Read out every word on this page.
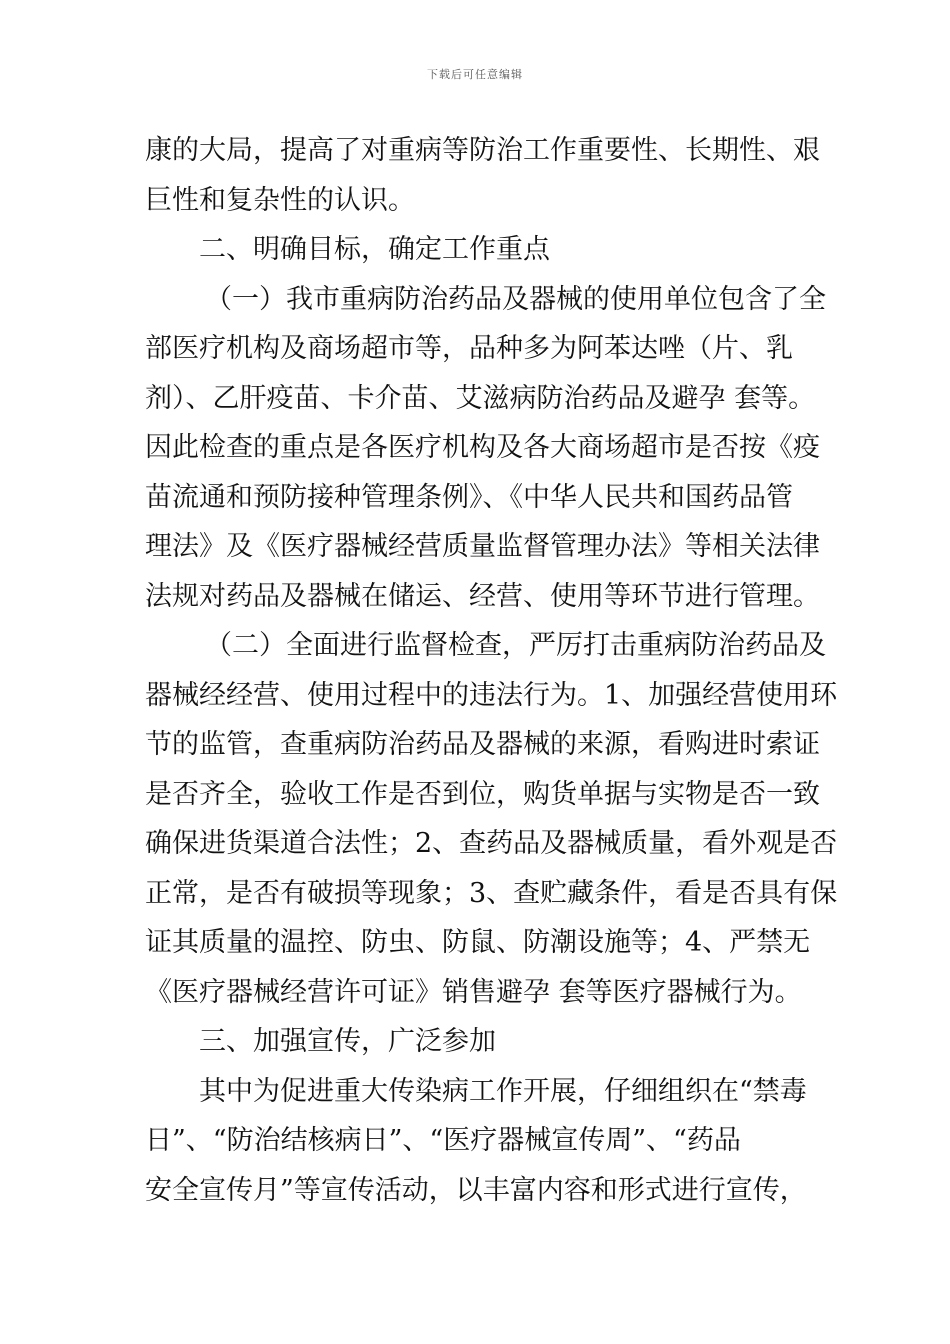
下载后可任意编辑
康的大局，提高了对重病等防治工作重要性、长期性、艰
巨性和复杂性的认识。
二、明确目标，确定工作重点
（一）我市重病防治药品及器械的使用单位包含了全
部医疗机构及商场超市等，品种多为阿苯达唑（片、乳
剂）、乙肝疫苗、卡介苗、艾滋病防治药品及避孕 套等。
因此检查的重点是各医疗机构及各大商场超市是否按《疫
苗流通和预防接种管理条例》、《中华人民共和国药品管
理法》及《医疗器械经营质量监督管理办法》等相关法律
法规对药品及器械在储运、经营、使用等环节进行管理。
（二）全面进行监督检查，严厉打击重病防治药品及
器械经经营、使用过程中的违法行为。1、加强经营使用环
节的监管，查重病防治药品及器械的来源，看购进时索证
是否齐全，验收工作是否到位，购货单据与实物是否一致
确保进货渠道合法性；2、查药品及器械质量，看外观是否
正常，是否有破损等现象；3、查贮藏条件，看是否具有保
证其质量的温控、防虫、防鼠、防潮设施等；4、严禁无
《医疗器械经营许可证》销售避孕 套等医疗器械行为。
三、加强宣传，广泛参加
其中为促进重大传染病工作开展，仔细组织在“禁毒
日”、“防治结核病日”、“医疗器械宣传周”、“药品
安全宣传月”等宣传活动，以丰富内容和形式进行宣传，
